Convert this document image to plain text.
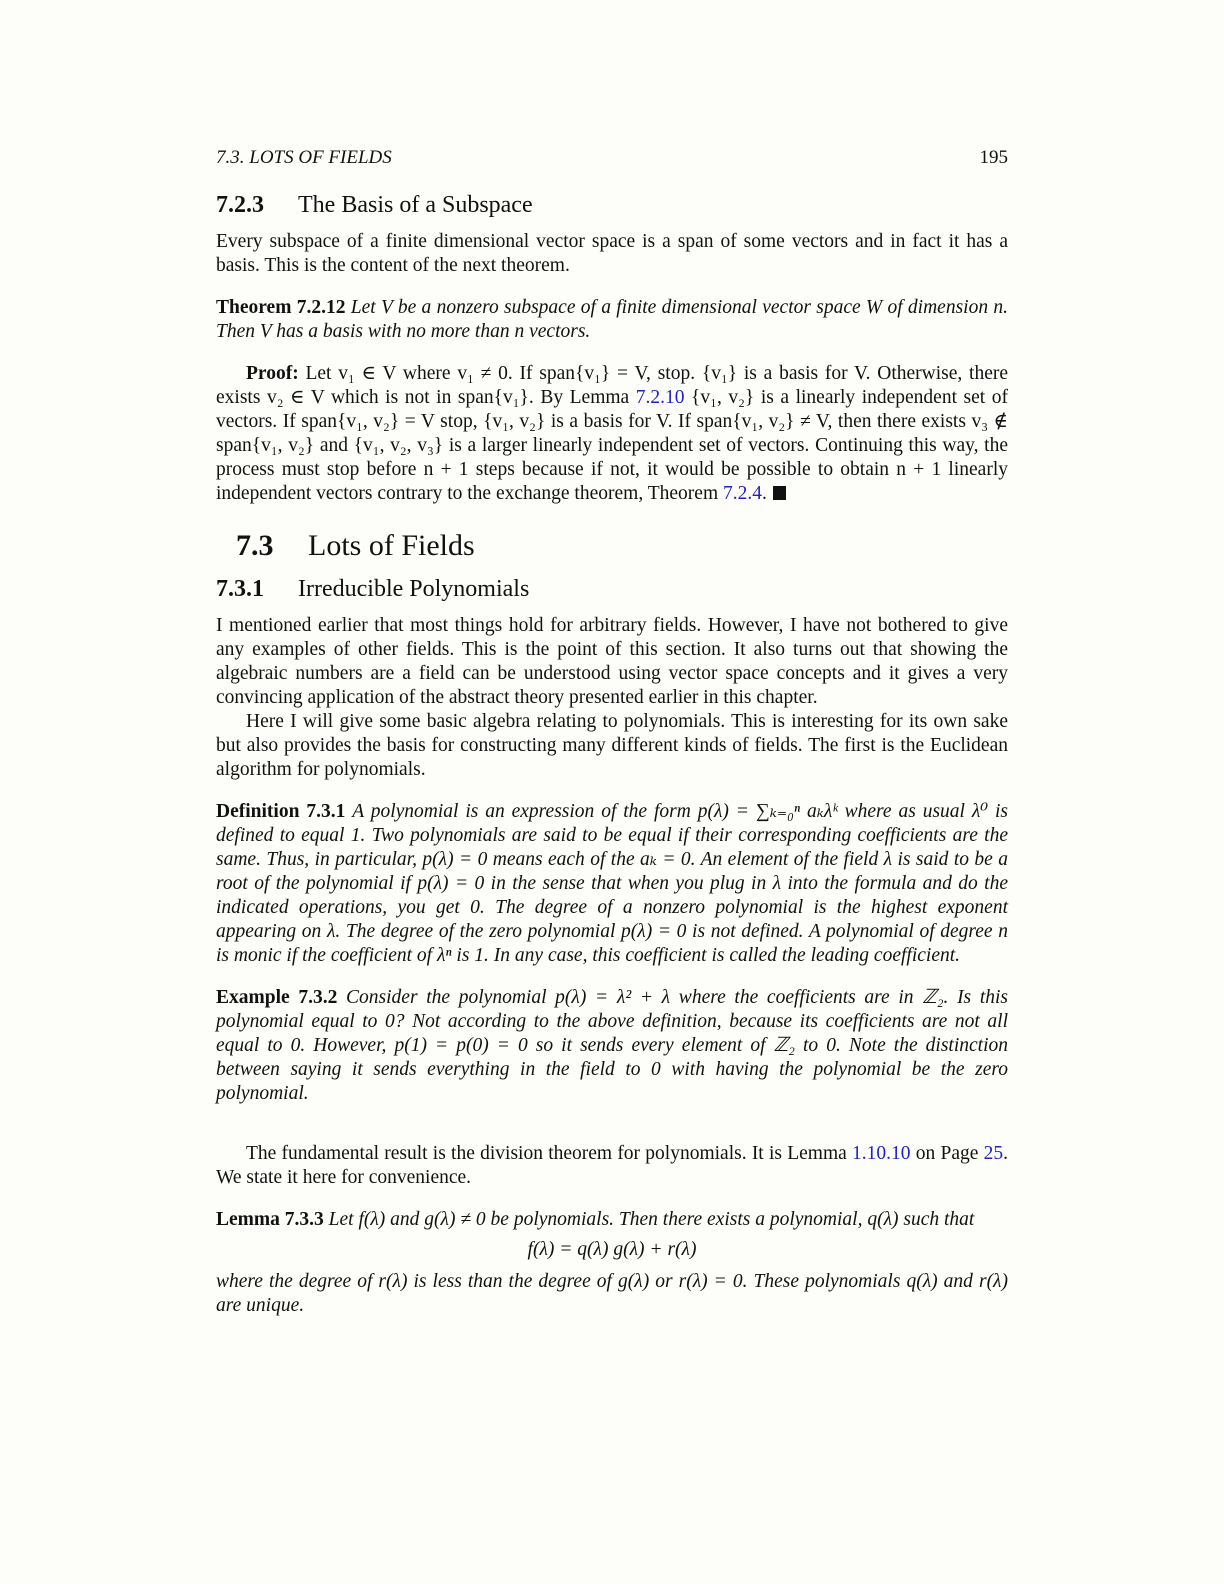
7.3. LOTS OF FIELDS	195
7.2.3 The Basis of a Subspace

Every subspace of a finite dimensional vector space is a span of some vectors and in fact it has a basis. This is the content of the next theorem.

Theorem 7.2.12 Let V be a nonzero subspace of a finite dimensional vector space W of dimension n. Then V has a basis with no more than n vectors.

Proof: Let v₁ ∈ V where v₁ ≠ 0. If span{v₁} = V, stop. {v₁} is a basis for V. Otherwise, there exists v₂ ∈ V which is not in span{v₁}. By Lemma 7.2.10 {v₁, v₂} is a linearly independent set of vectors. If span{v₁, v₂} = V stop, {v₁, v₂} is a basis for V. If span{v₁, v₂} ≠ V, then there exists v₃ ∉ span{v₁, v₂} and {v₁, v₂, v₃} is a larger linearly independent set of vectors. Continuing this way, the process must stop before n + 1 steps because if not, it would be possible to obtain n + 1 linearly independent vectors contrary to the exchange theorem, Theorem 7.2.4.

7.3 Lots of Fields
7.3.1 Irreducible Polynomials

I mentioned earlier that most things hold for arbitrary fields. However, I have not bothered to give any examples of other fields. This is the point of this section. It also turns out that showing the algebraic numbers are a field can be understood using vector space concepts and it gives a very convincing application of the abstract theory presented earlier in this chapter.

Here I will give some basic algebra relating to polynomials. This is interesting for its own sake but also provides the basis for constructing many different kinds of fields. The first is the Euclidean algorithm for polynomials.

Definition 7.3.1 A polynomial is an expression of the form p(λ) = ∑ₖ₌₀ⁿ aₖλᵏ where as usual λ⁰ is defined to equal 1. Two polynomials are said to be equal if their corresponding coefficients are the same. Thus, in particular, p(λ) = 0 means each of the aₖ = 0. An element of the field λ is said to be a root of the polynomial if p(λ) = 0 in the sense that when you plug in λ into the formula and do the indicated operations, you get 0. The degree of a nonzero polynomial is the highest exponent appearing on λ. The degree of the zero polynomial p(λ) = 0 is not defined. A polynomial of degree n is monic if the coefficient of λⁿ is 1. In any case, this coefficient is called the leading coefficient.

Example 7.3.2 Consider the polynomial p(λ) = λ² + λ where the coefficients are in ℤ₂. Is this polynomial equal to 0? Not according to the above definition, because its coefficients are not all equal to 0. However, p(1) = p(0) = 0 so it sends every element of ℤ₂ to 0. Note the distinction between saying it sends everything in the field to 0 with having the polynomial be the zero polynomial.

The fundamental result is the division theorem for polynomials. It is Lemma 1.10.10 on Page 25. We state it here for convenience.

Lemma 7.3.3 Let f(λ) and g(λ) ≠ 0 be polynomials. Then there exists a polynomial, q(λ) such that

f(λ) = q(λ) g(λ) + r(λ)

where the degree of r(λ) is less than the degree of g(λ) or r(λ) = 0. These polynomials q(λ) and r(λ) are unique.
